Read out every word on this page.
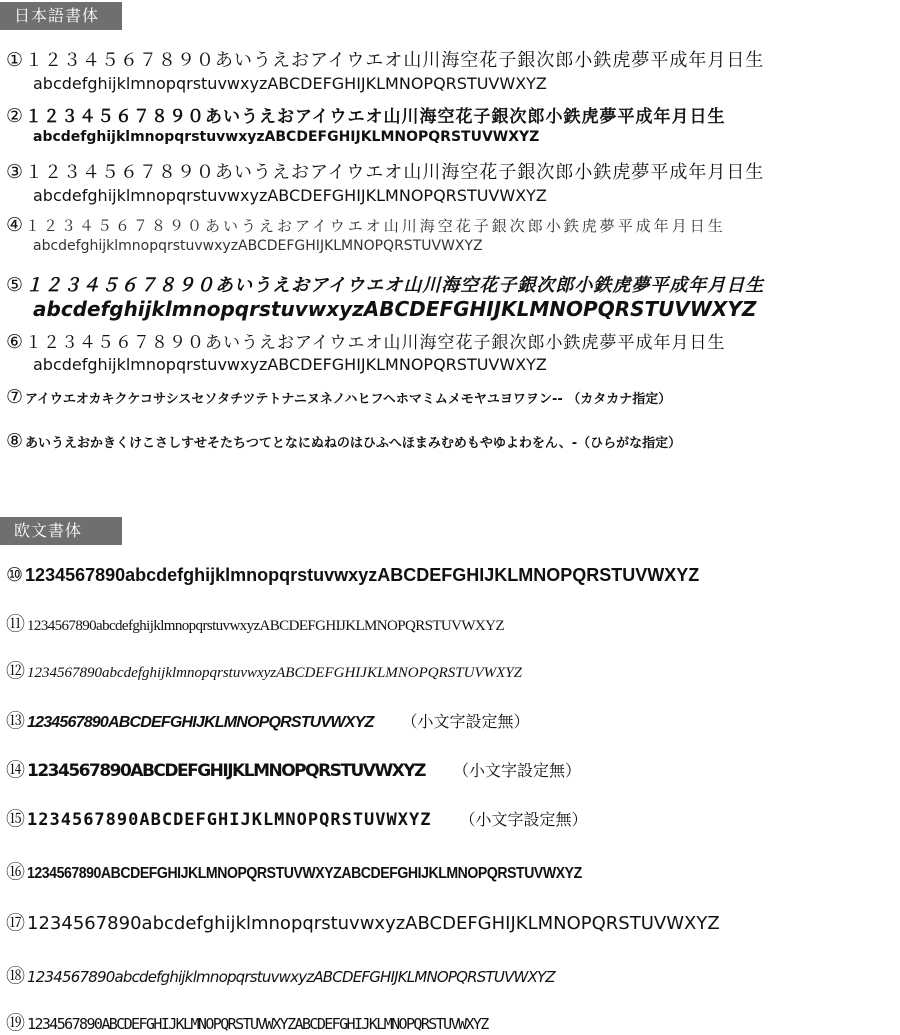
日本語書体
① １２３４５６７８９０あいうえおアイウエオ山川海空花子銀次郎小鉄虎夢平成年月日生
abcdefghijklmnopqrstuvwxyzABCDEFGHIJKLMNOPQRSTUVWXYZ
② １２３４５６７８９０あいうえおアイウエオ山川海空花子銀次郎小鉄虎夢平成年月日生
abcdefghijklmnopqrstuvwxyzABCDEFGHIJKLMNOPQRSTUVWXYZ
③ １２３４５６７８９０あいうえおアイウエオ山川海空花子銀次郎小鉄虎夢平成年月日生
abcdefghijklmnopqrstuvwxyzABCDEFGHIJKLMNOPQRSTUVWXYZ
④ １２３４５６７８９０あいうえおアイウエオ山川海空花子銀次郎小鉄虎夢平成年月日生
abcdefghijklmnopqrstuvwxyzABCDEFGHIJKLMNOPQRSTUVWXYZ
⑤ １２３４５６７８９０あいうえおアイウエオ山川海空花子銀次郎小鉄虎夢平成年月日生
abcdefghijklmnopqrstuvwxyzABCDEFGHIJKLMNOPQRSTUVWXYZ
⑥ １２３４５６７８９０あいうえおアイウエオ山川海空花子銀次郎小鉄虎夢平成年月日生
abcdefghijklmnopqrstuvwxyzABCDEFGHIJKLMNOPQRSTUVWXYZ
⑦ アイウエオカキクケコサシスセソタチツテトナニヌネノハヒフヘホマミムメモヤユヨワヲン-- （カタカナ指定）
⑧ あいうえおかきくけこさしすせそたちつてとなにぬねのはひふへほまみむめもやゆよわをん、-（ひらがな指定）
欧文書体
⑩ 1234567890abcdefghijklmnopqrstuvwxyzABCDEFGHIJKLMNOPQRSTUVWXYZ
⑪ 1234567890abcdefghijklmnopqrstuvwxyzABCDEFGHIJKLMNOPQRSTUVWXYZ
⑫ 1234567890abcdefghijklmnopqrstuvwxyzABCDEFGHIJKLMNOPQRSTUVWXYZ
⑬ 1234567890ABCDEFGHIJKLMNOPQRSTUVWXYZ （小文字設定無）
⑭ 1234567890ABCDEFGHIJKLMNOPQRSTUVWXYZ （小文字設定無）
⑮ 1234567890ABCDEFGHIJKLMNOPQRSTUVWXYZ （小文字設定無）
⑯ 1234567890ABCDEFGHIJKLMNOPQRSTUVWXYZABCDEFGHIJKLMNOPQRSTUVWXYZ
⑰ 1234567890abcdefghijklmnopqrstuvwxyzABCDEFGHIJKLMNOPQRSTUVWXYZ
⑱ 1234567890abcdefghijklmnopqrstuvwxyzABCDEFGHIJKLMNOPQRSTUVWXYZ
⑲ 1234567890ABCDEFGHIJKLMNOPQRSTUVWXYZABCDEFGHIJKLMNOPQRSTUVWXYZ
